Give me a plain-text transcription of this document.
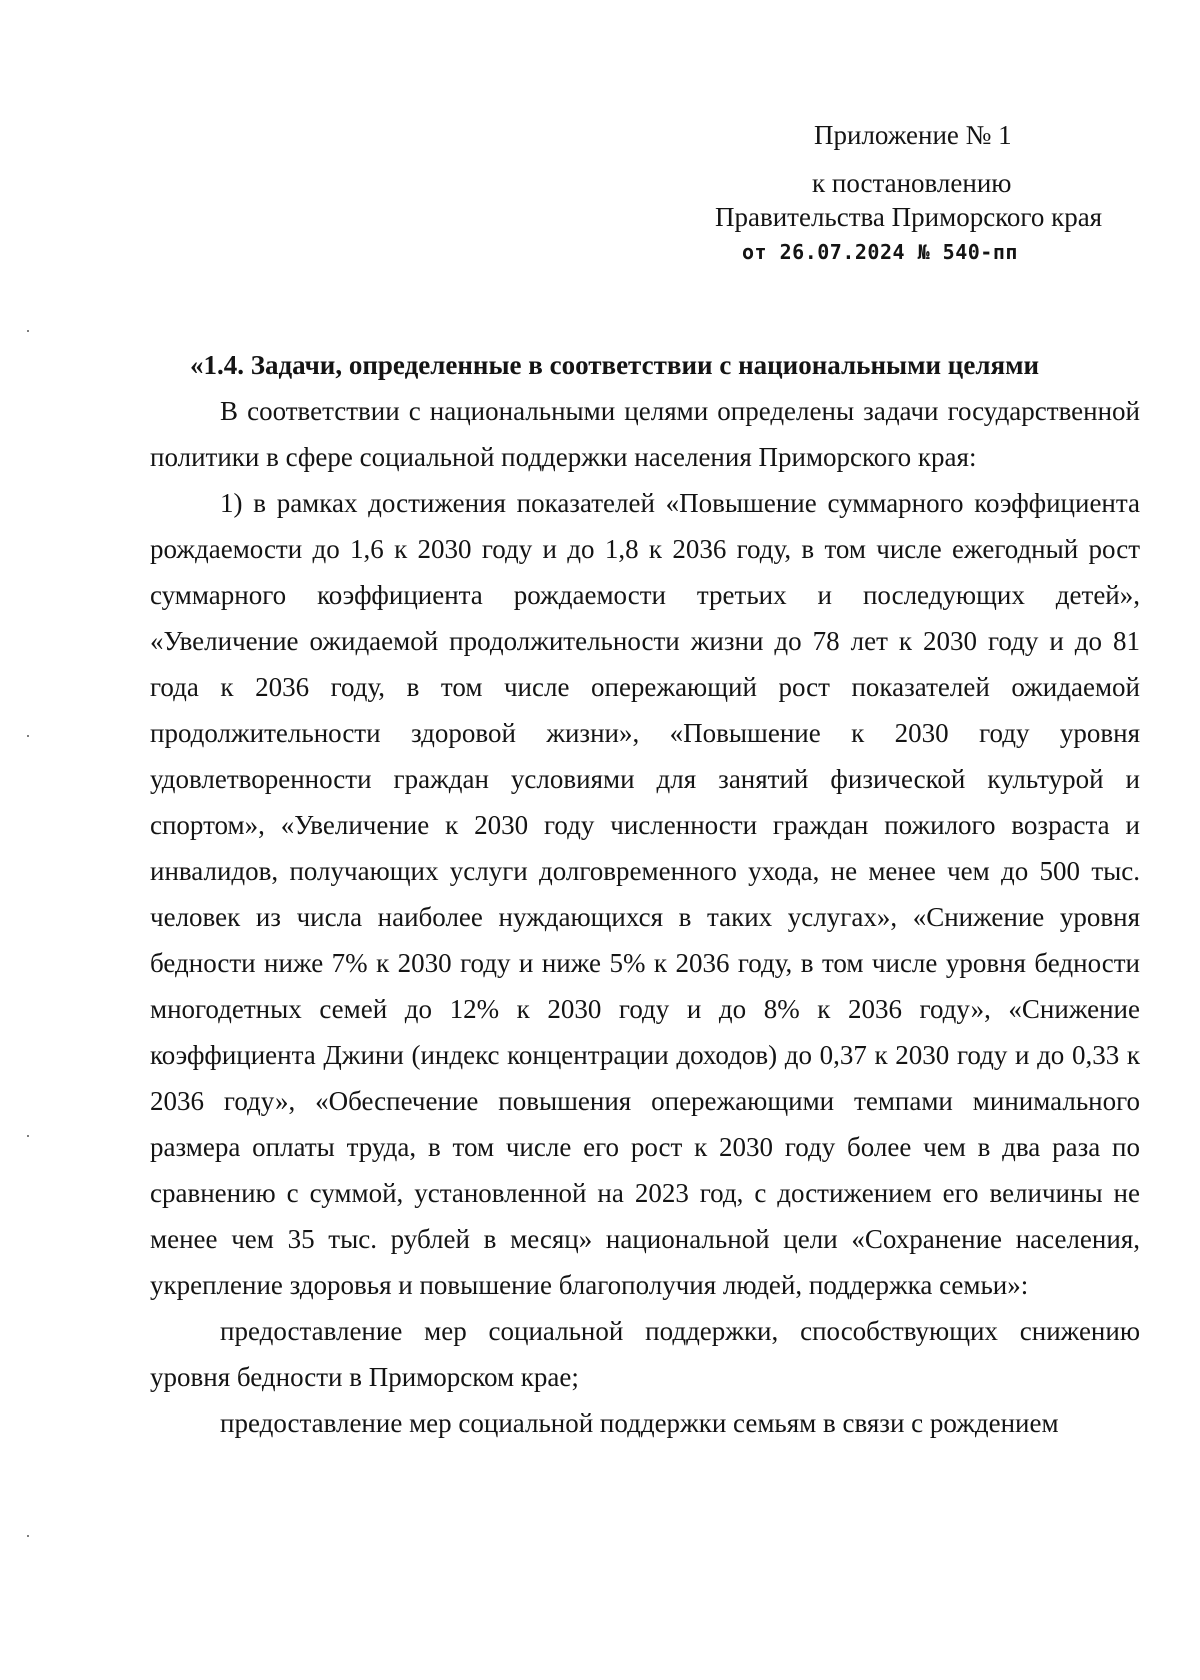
Приложение № 1
к постановлению
Правительства Приморского края
от 26.07.2024 № 540-пп

«1.4. Задачи, определенные в соответствии с национальными целями

В соответствии с национальными целями определены задачи государственной политики в сфере социальной поддержки населения Приморского края:

1) в рамках достижения показателей «Повышение суммарного коэффициента рождаемости до 1,6 к 2030 году и до 1,8 к 2036 году, в том числе ежегодный рост суммарного коэффициента рождаемости третьих и последующих детей», «Увеличение ожидаемой продолжительности жизни до 78 лет к 2030 году и до 81 года к 2036 году, в том числе опережающий рост показателей ожидаемой продолжительности здоровой жизни», «Повышение к 2030 году уровня удовлетворенности граждан условиями для занятий физической культурой и спортом», «Увеличение к 2030 году численности граждан пожилого возраста и инвалидов, получающих услуги долговременного ухода, не менее чем до 500 тыс. человек из числа наиболее нуждающихся в таких услугах», «Снижение уровня бедности ниже 7% к 2030 году и ниже 5% к 2036 году, в том числе уровня бедности многодетных семей до 12% к 2030 году и до 8% к 2036 году», «Снижение коэффициента Джини (индекс концентрации доходов) до 0,37 к 2030 году и до 0,33 к 2036 году», «Обеспечение повышения опережающими темпами минимального размера оплаты труда, в том числе его рост к 2030 году более чем в два раза по сравнению с суммой, установленной на 2023 год, с достижением его величины не менее чем 35 тыс. рублей в месяц» национальной цели «Сохранение населения, укрепление здоровья и повышение благополучия людей, поддержка семьи»:

предоставление мер социальной поддержки, способствующих снижению уровня бедности в Приморском крае;

предоставление мер социальной поддержки семьям в связи с рождением
